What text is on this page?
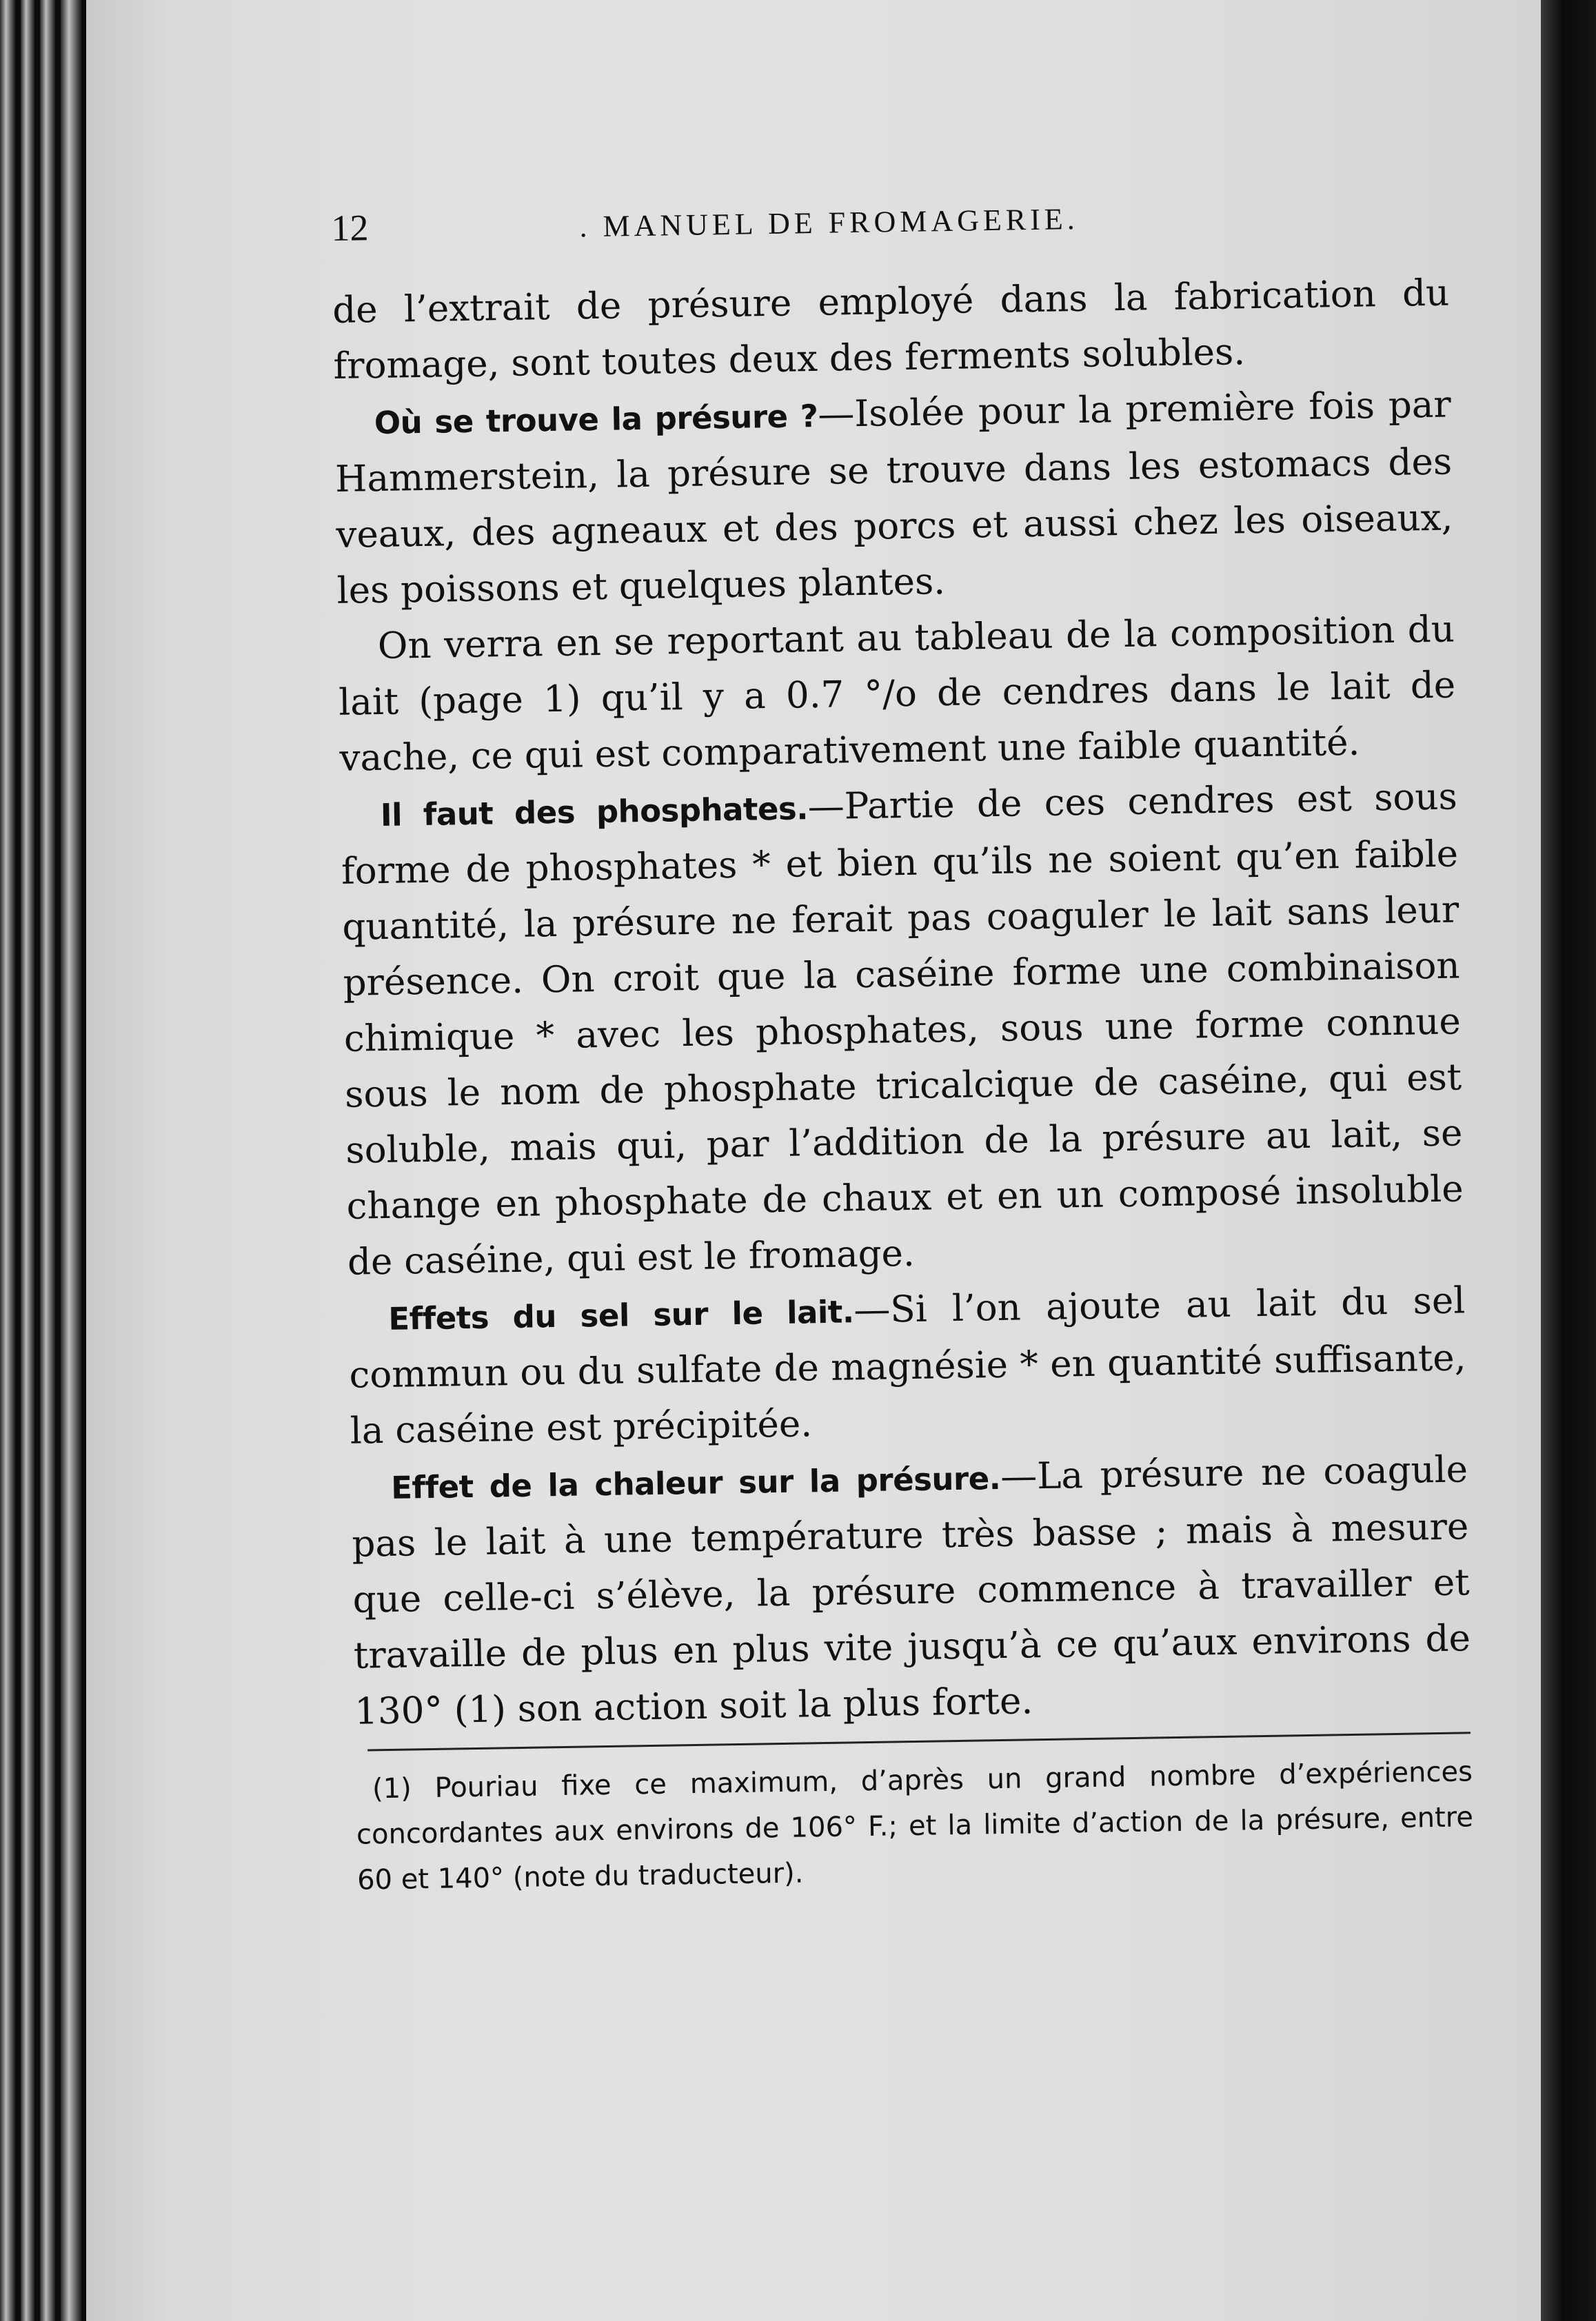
12	. MANUEL DE FROMAGERIE.

de l’extrait de présure employé dans la fabrication du fromage, sont toutes deux des ferments solubles.

Où se trouve la présure ?—Isolée pour la première fois par Hammerstein, la présure se trouve dans les estomacs des veaux, des agneaux et des porcs et aussi chez les oiseaux, les poissons et quelques plantes.

On verra en se reportant au tableau de la composition du lait (page 1) qu’il y a 0.7 °/o de cendres dans le lait de vache, ce qui est comparativement une faible quantité.

Il faut des phosphates.—Partie de ces cendres est sous forme de phosphates * et bien qu’ils ne soient qu’en faible quantité, la présure ne ferait pas coaguler le lait sans leur présence. On croit que la caséine forme une combinaison chimique * avec les phosphates, sous une forme connue sous le nom de phosphate tricalcique de caséine, qui est soluble, mais qui, par l’addition de la présure au lait, se change en phosphate de chaux et en un composé insoluble de caséine, qui est le fromage.

Effets du sel sur le lait.—Si l’on ajoute au lait du sel commun ou du sulfate de magnésie * en quantité suffisante, la caséine est précipitée.

Effet de la chaleur sur la présure.—La présure ne coagule pas le lait à une température très basse ; mais à mesure que celle-ci s’élève, la présure commence à travailler et travaille de plus en plus vite jusqu’à ce qu’aux environs de 130° (1) son action soit la plus forte.

(1) Pouriau fixe ce maximum, d’après un grand nombre d’expériences concordantes aux environs de 106° F.; et la limite d’action de la présure, entre 60 et 140° (note du traducteur).
